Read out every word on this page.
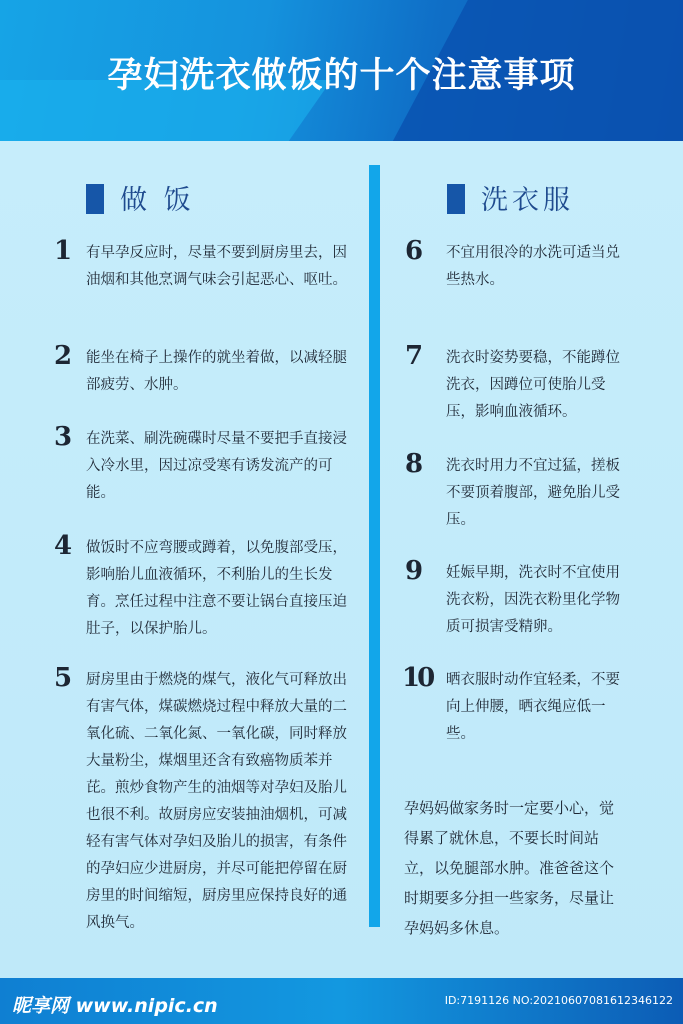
孕妇洗衣做饭的十个注意事项
做 饭	洗衣服
1 有早孕反应时，尽量不要到厨房里去，因油烟和其他烹调气味会引起恶心、呕吐。
2 能坐在椅子上操作的就坐着做，以减轻腿部疲劳、水肿。
3 在洗菜、刷洗碗碟时尽量不要把手直接浸入冷水里，因过凉受寒有诱发流产的可能。
4 做饭时不应弯腰或蹲着，以免腹部受压，影响胎儿血液循环，不利胎儿的生长发育。烹任过程中注意不要让锅台直接压迫肚子，以保护胎儿。
5 厨房里由于燃烧的煤气，液化气可释放出有害气体，煤碳燃烧过程中释放大量的二氧化硫、二氧化氮、一氧化碳，同时释放大量粉尘，煤烟里还含有致癌物质苯并芘。煎炒食物产生的油烟等对孕妇及胎儿也很不利。故厨房应安装抽油烟机，可减轻有害气体对孕妇及胎儿的损害，有条件的孕妇应少进厨房，并尽可能把停留在厨房里的时间缩短，厨房里应保持良好的通风换气。
6 不宜用很冷的水洗可适当兑些热水。
7 洗衣时姿势要稳，不能蹲位洗衣，因蹲位可使胎儿受压，影响血液循环。
8 洗衣时用力不宜过猛，搓板不要顶着腹部，避免胎儿受压。
9 妊娠早期，洗衣时不宜使用洗衣粉，因洗衣粉里化学物质可损害受精卵。
10 晒衣服时动作宜轻柔，不要向上伸腰，晒衣绳应低一些。
孕妈妈做家务时一定要小心，觉得累了就休息，不要长时间站立，以免腿部水肿。准爸爸这个时期要多分担一些家务，尽量让孕妈妈多休息。
昵享网 www.nipic.cn	ID:7191126 NO:20210607081612346122
